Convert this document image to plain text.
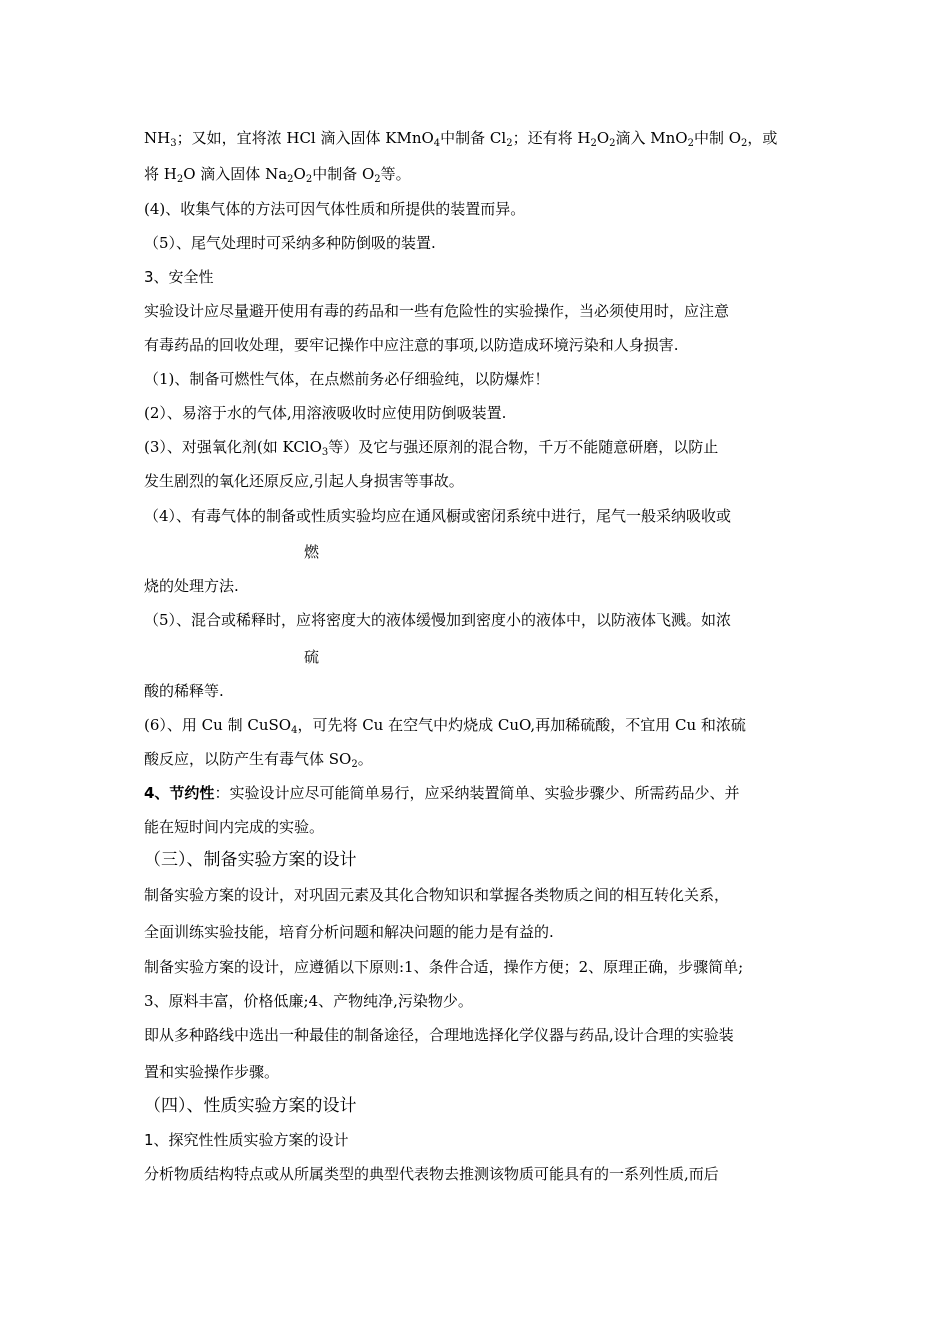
$NH_3$；又如，宜将浓 HCl 滴入固体 KMnO$_4$中制备 $Cl_2$；还有将 $H_2O_2$滴入 MnO$_2$中制 $O_2$，或
将 $H_2O$ 滴入固体 $Na_2O_2$中制备 $O_2$等。
(4)、收集气体的方法可因气体性质和所提供的装置而异。
（5）、尾气处理时可采纳多种防倒吸的装置.
3、安全性
实验设计应尽量避开使用有毒的药品和一些有危险性的实验操作，当必须使用时，应注意
有毒药品的回收处理，要牢记操作中应注意的事项,以防造成环境污染和人身损害.
（1)、制备可燃性气体，在点燃前务必仔细验纯，以防爆炸！
(2）、易溶于水的气体,用溶液吸收时应使用防倒吸装置.
(3）、对强氧化剂(如 KClO$_3$等）及它与强还原剂的混合物，千万不能随意研磨，以防止
发生剧烈的氧化还原反应,引起人身损害等事故。
（4）、有毒气体的制备或性质实验均应在通风橱或密闭系统中进行，尾气一般采纳吸收或
燃
烧的处理方法.
（5）、混合或稀释时，应将密度大的液体缓慢加到密度小的液体中，以防液体飞溅。如浓
硫
酸的稀释等.
(6）、用 Cu 制 CuSO$_4$，可先将 Cu 在空气中灼烧成 CuO,再加稀硫酸，不宜用 Cu 和浓硫
酸反应，以防产生有毒气体 $SO_2$。
4、节约性：实验设计应尽可能简单易行，应采纳装置简单、实验步骤少、所需药品少、并
能在短时间内完成的实验。
（三）、制备实验方案的设计
制备实验方案的设计，对巩固元素及其化合物知识和掌握各类物质之间的相互转化关系，
全面训练实验技能，培育分析问题和解决问题的能力是有益的.
制备实验方案的设计，应遵循以下原则:1、条件合适，操作方便；2、原理正确，步骤简单;
3、原料丰富，价格低廉;4、产物纯净,污染物少。
即从多种路线中选出一种最佳的制备途径，合理地选择化学仪器与药品,设计合理的实验装
置和实验操作步骤。
（四）、性质实验方案的设计
1、探究性性质实验方案的设计
分析物质结构特点或从所属类型的典型代表物去推测该物质可能具有的一系列性质,而后
